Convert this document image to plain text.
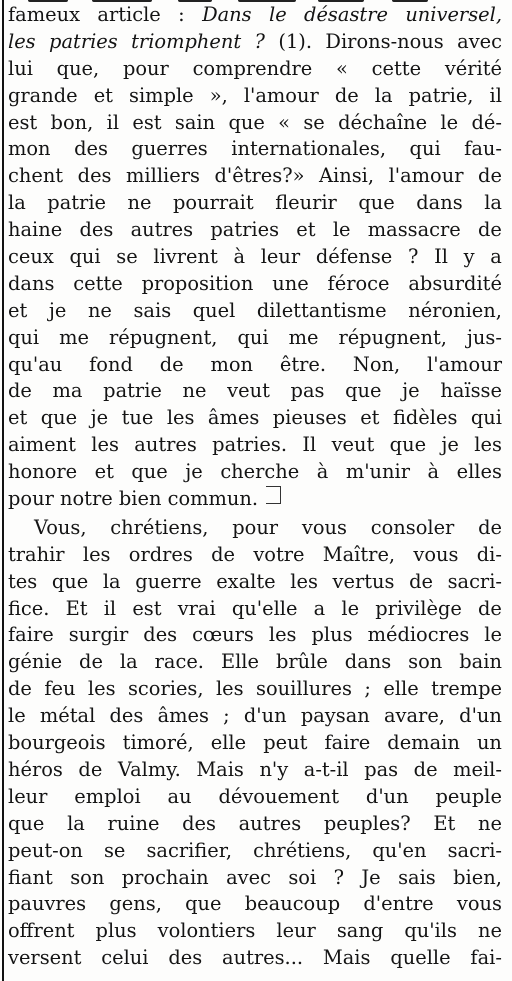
fameux article : Dans le désastre universel,
les patries triomphent ? (1). Dirons-nous avec
lui que, pour comprendre « cette vérité
grande et simple », l'amour de la patrie, il
est bon, il est sain que « se déchaîne le dé-
mon des guerres internationales, qui fau-
chent des milliers d'êtres?» Ainsi, l'amour de
la patrie ne pourrait fleurir que dans la
haine des autres patries et le massacre de
ceux qui se livrent à leur défense ? Il y a
dans cette proposition une féroce absurdité
et je ne sais quel dilettantisme néronien,
qui me répugnent, qui me répugnent, jus-
qu'au fond de mon être. Non, l'amour
de ma patrie ne veut pas que je haïsse
et que je tue les âmes pieuses et fidèles qui
aiment les autres patries. Il veut que je les
honore et que je cherche à m'unir à elles
pour notre bien commun.
Vous, chrétiens, pour vous consoler de
trahir les ordres de votre Maître, vous di-
tes que la guerre exalte les vertus de sacri-
fice. Et il est vrai qu'elle a le privilège de
faire surgir des cœurs les plus médiocres le
génie de la race. Elle brûle dans son bain
de feu les scories, les souillures ; elle trempe
le métal des âmes ; d'un paysan avare, d'un
bourgeois timoré, elle peut faire demain un
héros de Valmy. Mais n'y a-t-il pas de meil-
leur emploi au dévouement d'un peuple
que la ruine des autres peuples? Et ne
peut-on se sacrifier, chrétiens, qu'en sacri-
fiant son prochain avec soi ? Je sais bien,
pauvres gens, que beaucoup d'entre vous
offrent plus volontiers leur sang qu'ils ne
versent celui des autres... Mais quelle fai-
